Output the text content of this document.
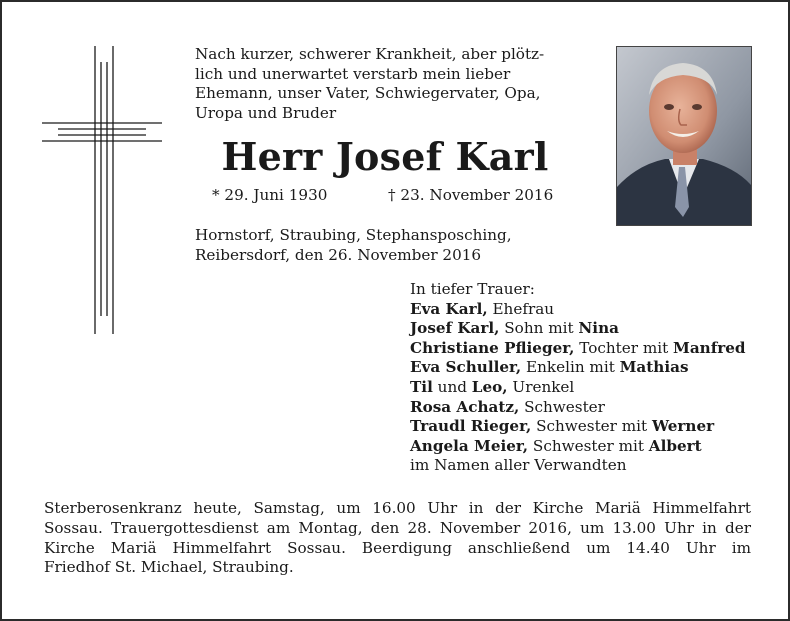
Nach kurzer, schwerer Krankheit, aber plötz-
lich und unerwartet verstarb mein lieber
Ehemann, unser Vater, Schwiegervater, Opa,
Uropa und Bruder

Herr Josef Karl
* 29. Juni 1930	† 23. November 2016

Hornstorf, Straubing, Stephansposching,
Reibersdorf, den 26. November 2016

In tiefer Trauer:
Eva Karl, Ehefrau
Josef Karl, Sohn mit Nina
Christiane Pflieger, Tochter mit Manfred
Eva Schuller, Enkelin mit Mathias
Til und Leo, Urenkel
Rosa Achatz, Schwester
Traudl Rieger, Schwester mit Werner
Angela Meier, Schwester mit Albert
im Namen aller Verwandten

Sterberosenkranz heute, Samstag, um 16.00 Uhr in der Kirche Mariä Himmelfahrt
Sossau. Trauergottesdienst am Montag, den 28. November 2016, um 13.00 Uhr in der
Kirche Mariä Himmelfahrt Sossau. Beerdigung anschließend um 14.40 Uhr im
Friedhof St. Michael, Straubing.
